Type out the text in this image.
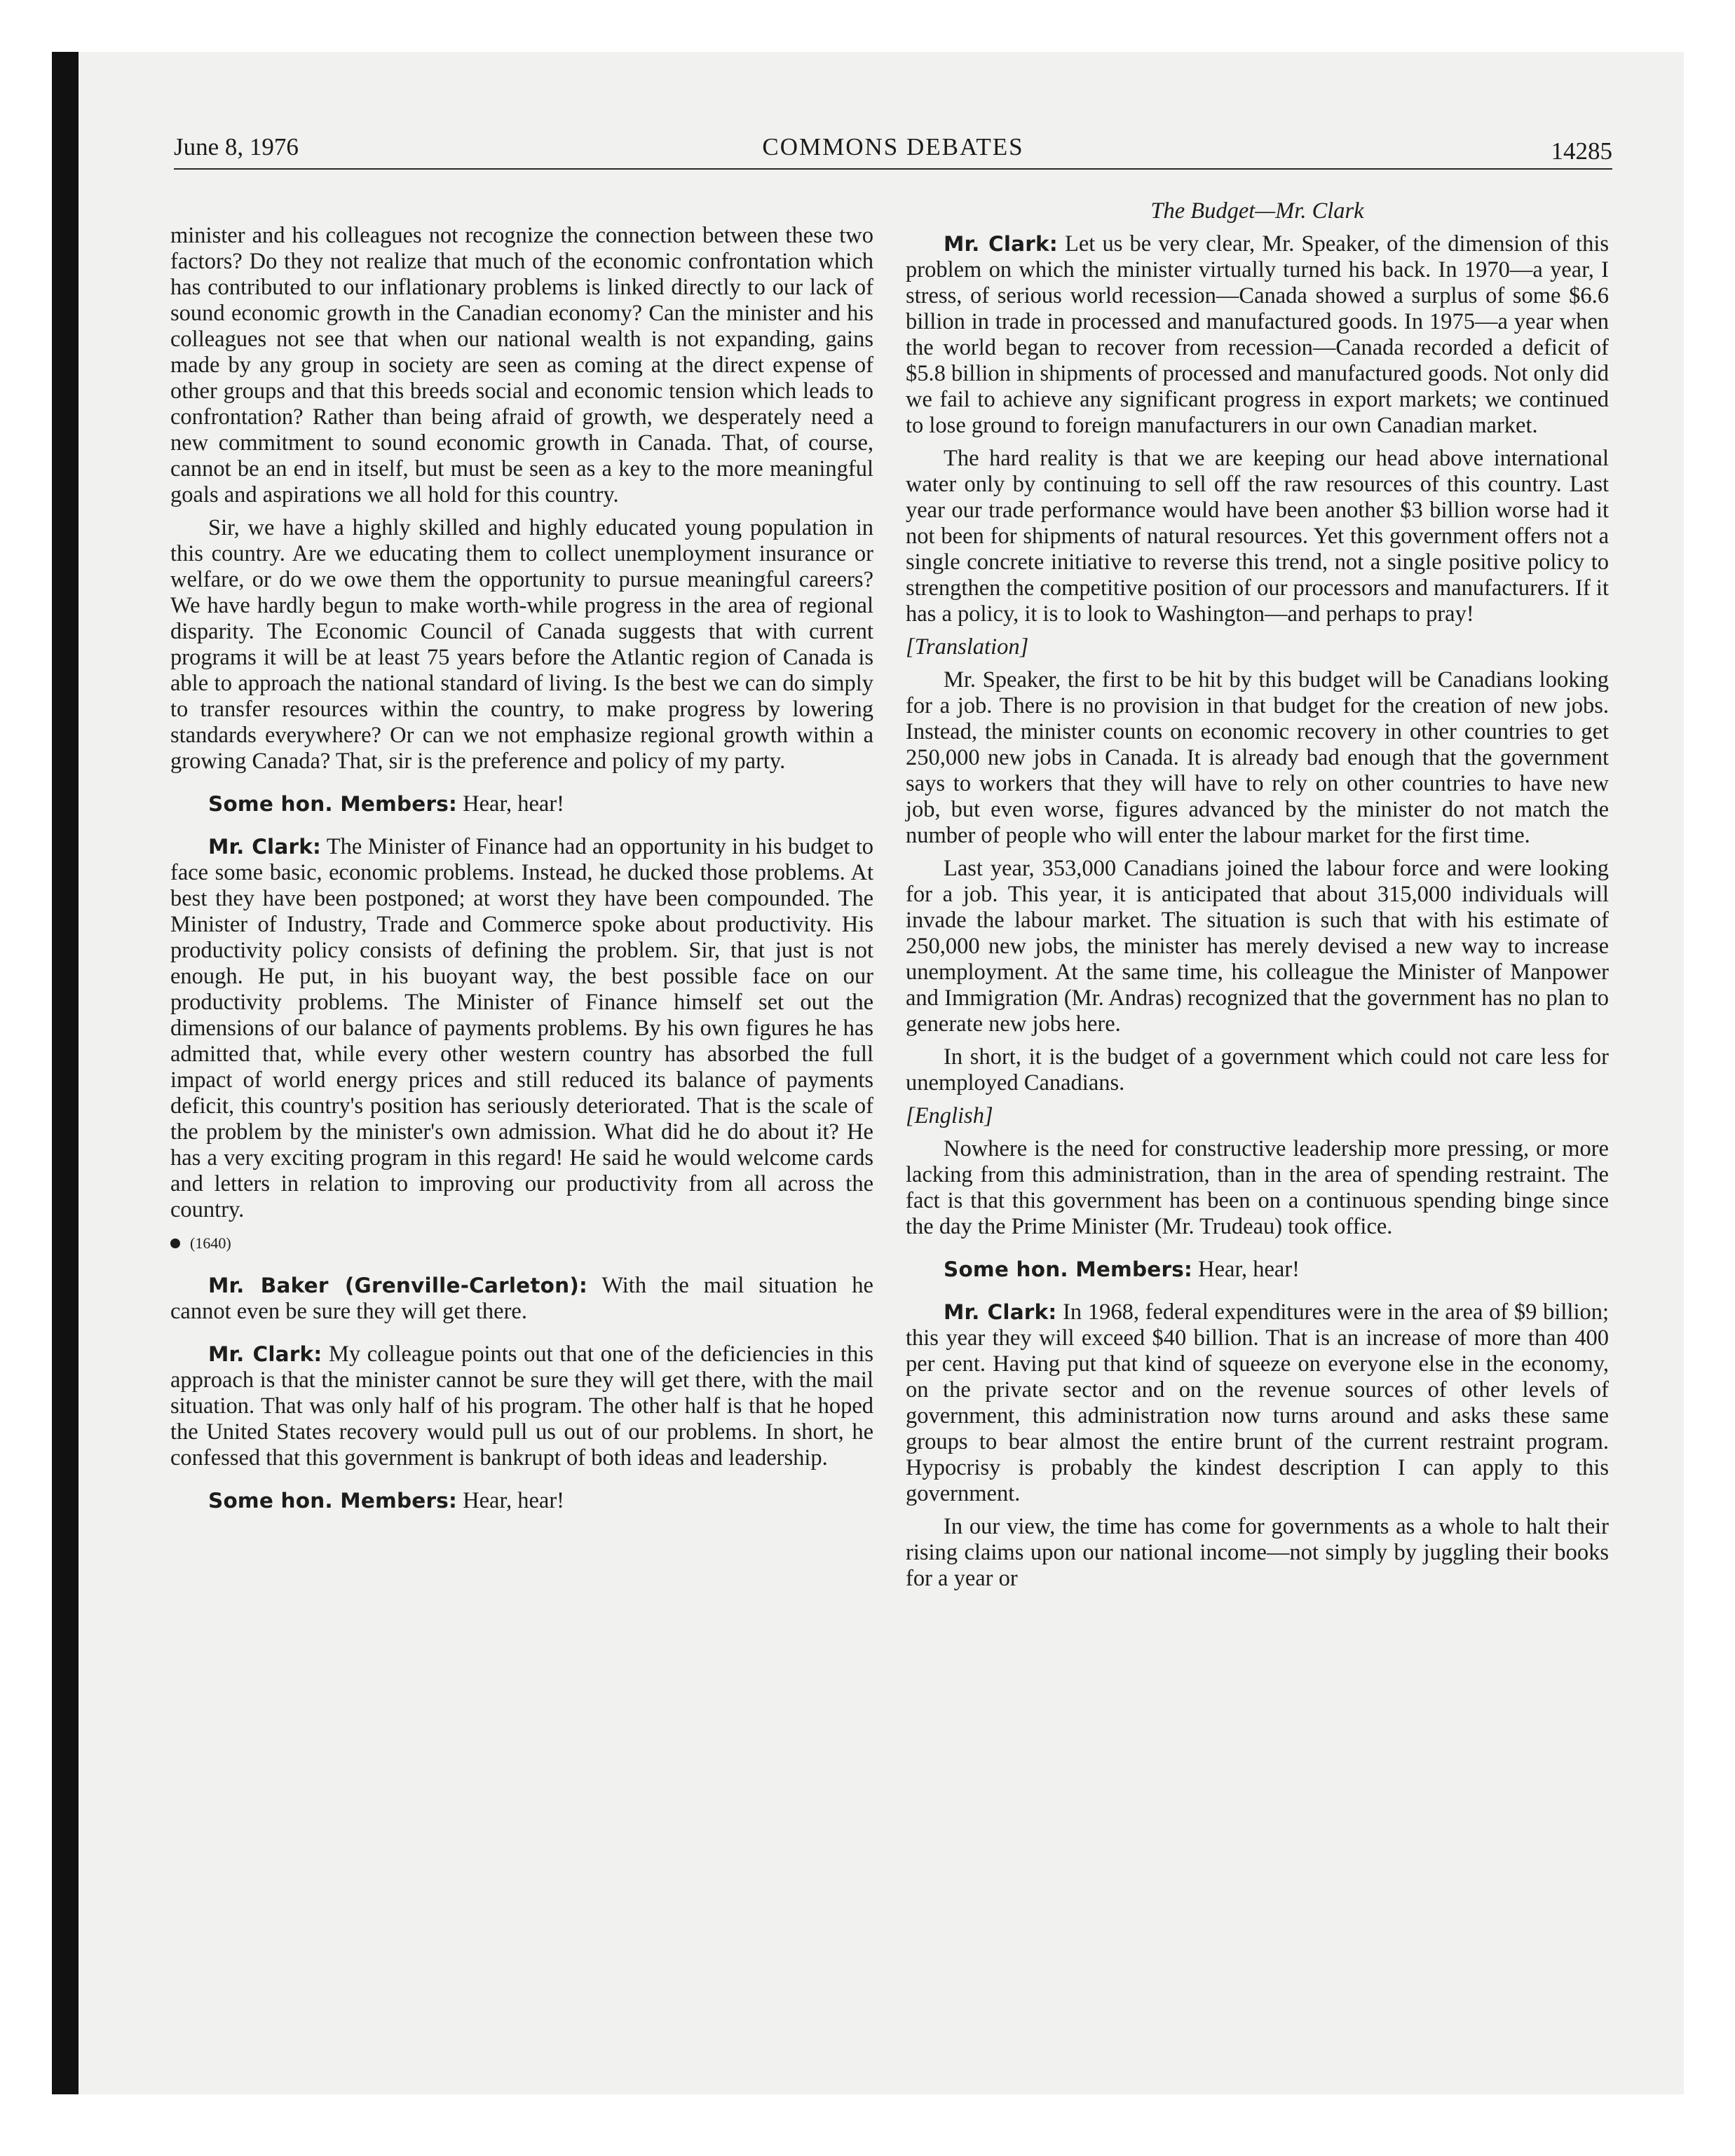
June 8, 1976	COMMONS DEBATES	14285

minister and his colleagues not recognize the connection between these two factors? Do they not realize that much of the economic confrontation which has contributed to our inflationary problems is linked directly to our lack of sound economic growth in the Canadian economy? Can the minister and his colleagues not see that when our national wealth is not expanding, gains made by any group in society are seen as coming at the direct expense of other groups and that this breeds social and economic tension which leads to confrontation? Rather than being afraid of growth, we desperately need a new commitment to sound economic growth in Canada. That, of course, cannot be an end in itself, but must be seen as a key to the more meaningful goals and aspirations we all hold for this country.

Sir, we have a highly skilled and highly educated young population in this country. Are we educating them to collect unemployment insurance or welfare, or do we owe them the opportunity to pursue meaningful careers? We have hardly begun to make worth-while progress in the area of regional disparity. The Economic Council of Canada suggests that with current programs it will be at least 75 years before the Atlantic region of Canada is able to approach the national standard of living. Is the best we can do simply to transfer resources within the country, to make progress by lowering standards everywhere? Or can we not emphasize regional growth within a growing Canada? That, sir is the preference and policy of my party.

Some hon. Members: Hear, hear!

Mr. Clark: The Minister of Finance had an opportunity in his budget to face some basic, economic problems. Instead, he ducked those problems. At best they have been postponed; at worst they have been compounded. The Minister of Industry, Trade and Commerce spoke about productivity. His productivity policy consists of defining the problem. Sir, that just is not enough. He put, in his buoyant way, the best possible face on our productivity problems. The Minister of Finance himself set out the dimensions of our balance of payments problems. By his own figures he has admitted that, while every other western country has absorbed the full impact of world energy prices and still reduced its balance of payments deficit, this country's position has seriously deteriorated. That is the scale of the problem by the minister's own admission. What did he do about it? He has a very exciting program in this regard! He said he would welcome cards and letters in relation to improving our productivity from all across the country.

(1640)

Mr. Baker (Grenville-Carleton): With the mail situation he cannot even be sure they will get there.

Mr. Clark: My colleague points out that one of the deficiencies in this approach is that the minister cannot be sure they will get there, with the mail situation. That was only half of his program. The other half is that he hoped the United States recovery would pull us out of our problems. In short, he confessed that this government is bankrupt of both ideas and leadership.

Some hon. Members: Hear, hear!

The Budget—Mr. Clark

Mr. Clark: Let us be very clear, Mr. Speaker, of the dimension of this problem on which the minister virtually turned his back. In 1970—a year, I stress, of serious world recession—Canada showed a surplus of some $6.6 billion in trade in processed and manufactured goods. In 1975—a year when the world began to recover from recession—Canada recorded a deficit of $5.8 billion in shipments of processed and manufactured goods. Not only did we fail to achieve any significant progress in export markets; we continued to lose ground to foreign manufacturers in our own Canadian market.

The hard reality is that we are keeping our head above international water only by continuing to sell off the raw resources of this country. Last year our trade performance would have been another $3 billion worse had it not been for shipments of natural resources. Yet this government offers not a single concrete initiative to reverse this trend, not a single positive policy to strengthen the competitive position of our processors and manufacturers. If it has a policy, it is to look to Washington—and perhaps to pray!

[Translation]

Mr. Speaker, the first to be hit by this budget will be Canadians looking for a job. There is no provision in that budget for the creation of new jobs. Instead, the minister counts on economic recovery in other countries to get 250,000 new jobs in Canada. It is already bad enough that the government says to workers that they will have to rely on other countries to have new job, but even worse, figures advanced by the minister do not match the number of people who will enter the labour market for the first time.

Last year, 353,000 Canadians joined the labour force and were looking for a job. This year, it is anticipated that about 315,000 individuals will invade the labour market. The situation is such that with his estimate of 250,000 new jobs, the minister has merely devised a new way to increase unemployment. At the same time, his colleague the Minister of Manpower and Immigration (Mr. Andras) recognized that the government has no plan to generate new jobs here.

In short, it is the budget of a government which could not care less for unemployed Canadians.

[English]

Nowhere is the need for constructive leadership more pressing, or more lacking from this administration, than in the area of spending restraint. The fact is that this government has been on a continuous spending binge since the day the Prime Minister (Mr. Trudeau) took office.

Some hon. Members: Hear, hear!

Mr. Clark: In 1968, federal expenditures were in the area of $9 billion; this year they will exceed $40 billion. That is an increase of more than 400 per cent. Having put that kind of squeeze on everyone else in the economy, on the private sector and on the revenue sources of other levels of government, this administration now turns around and asks these same groups to bear almost the entire brunt of the current restraint program. Hypocrisy is probably the kindest description I can apply to this government.

In our view, the time has come for governments as a whole to halt their rising claims upon our national income—not simply by juggling their books for a year or
